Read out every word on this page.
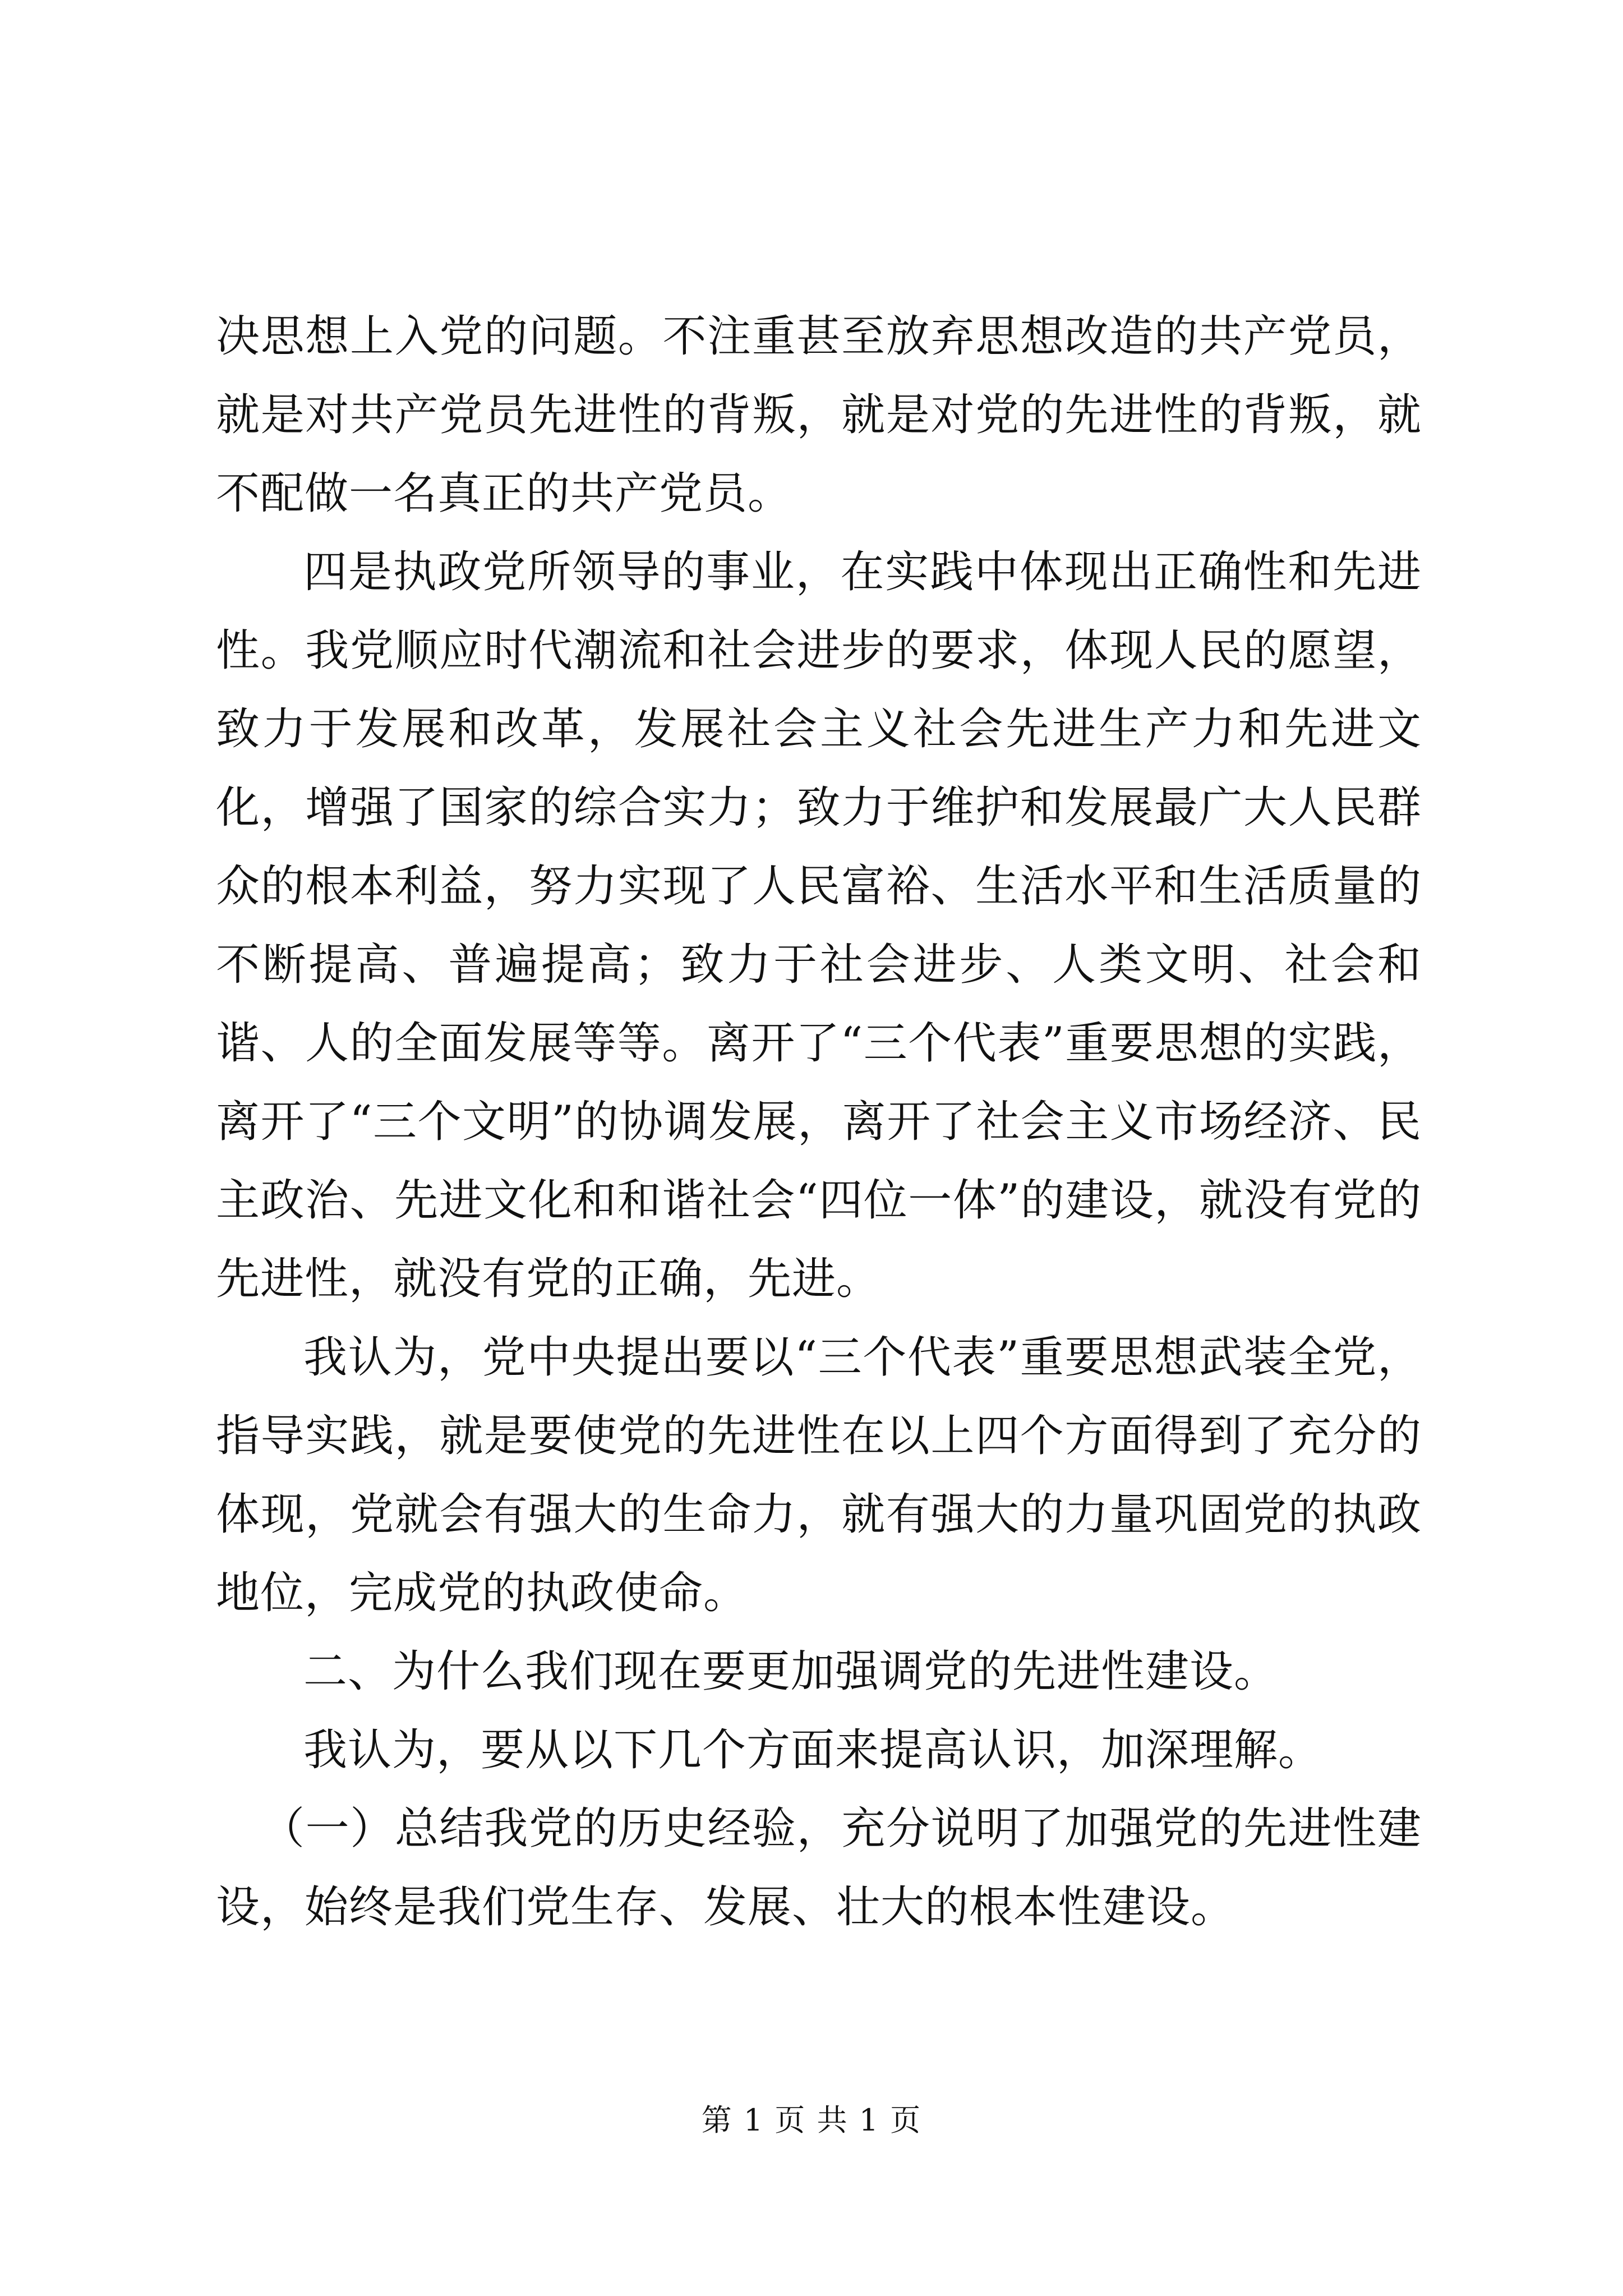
决思想上入党的问题。不注重甚至放弃思想改造的共产党员，就是对共产党员先进性的背叛，就是对党的先进性的背叛，就不配做一名真正的共产党员。

四是执政党所领导的事业，在实践中体现出正确性和先进性。我党顺应时代潮流和社会进步的要求，体现人民的愿望，致力于发展和改革，发展社会主义社会先进生产力和先进文化，增强了国家的综合实力；致力于维护和发展最广大人民群众的根本利益，努力实现了人民富裕、生活水平和生活质量的不断提高、普遍提高；致力于社会进步、人类文明、社会和谐、人的全面发展等等。离开了“三个代表”重要思想的实践，离开了“三个文明”的协调发展，离开了社会主义市场经济、民主政治、先进文化和和谐社会“四位一体”的建设，就没有党的先进性，就没有党的正确，先进。

我认为，党中央提出要以“三个代表”重要思想武装全党，指导实践，就是要使党的先进性在以上四个方面得到了充分的体现，党就会有强大的生命力，就有强大的力量巩固党的执政地位，完成党的执政使命。

二、为什么我们现在要更加强调党的先进性建设。

我认为，要从以下几个方面来提高认识，加深理解。

（一）总结我党的历史经验，充分说明了加强党的先进性建设，始终是我们党生存、发展、壮大的根本性建设。

第 1 页 共 1 页
